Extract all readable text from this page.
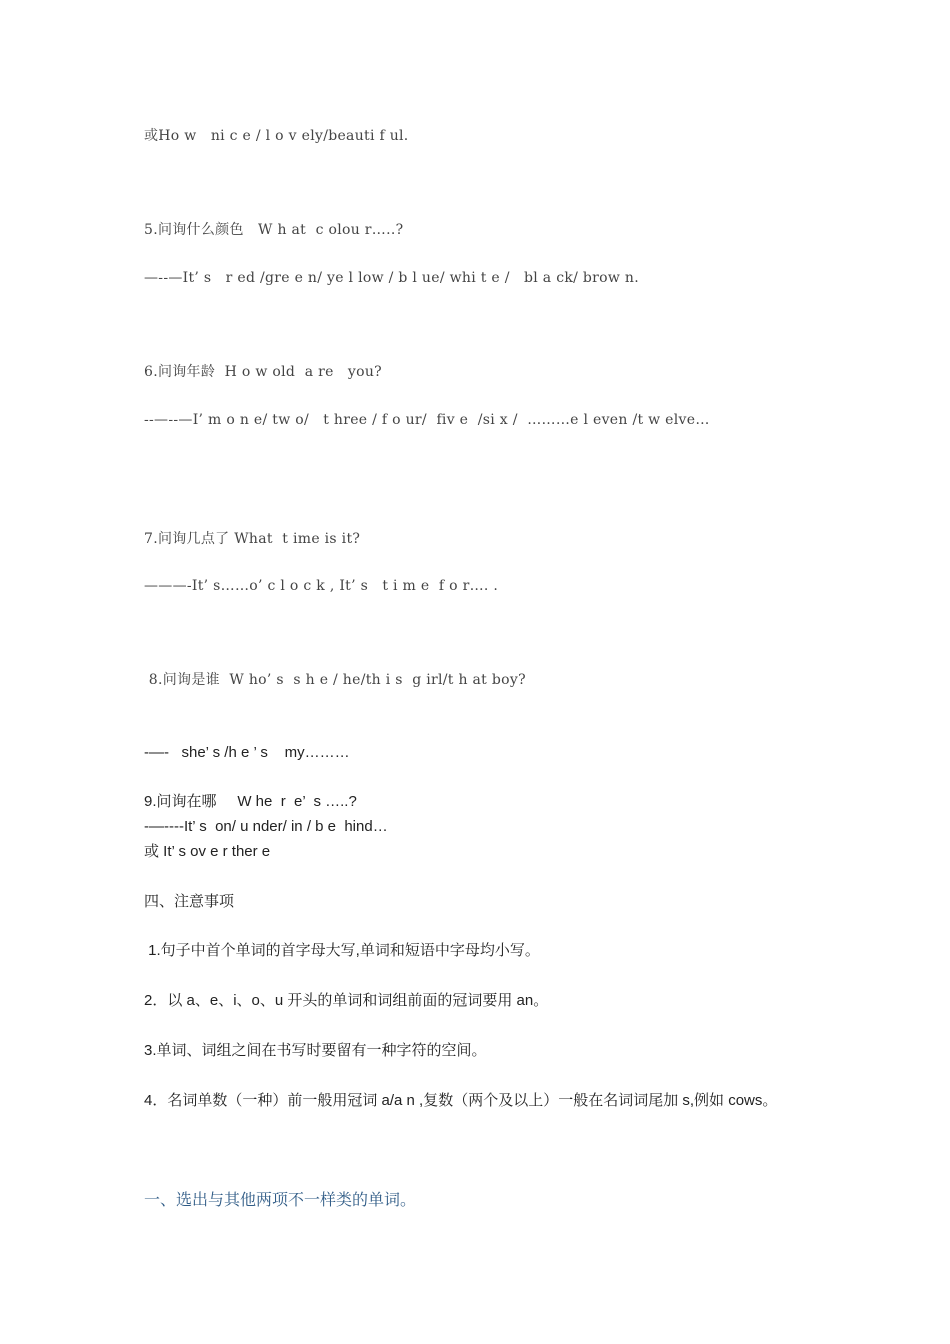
或Ho w   ni c e / l o v ely/beauti f ul.
5.问询什么颜色   W h at  c olou r…..?
—--—It’ s   r ed /gre e n/ ye l low / b l ue/ whi t e /   bl a ck/ brow n.
6.问询年龄  H o w old  a re   you?
--—--—I’ m o n e/ tw o/   t hree / f o ur/  fiv e  /si x /  ………e l even /t w elve…
7.问询几点了 What  t ime is it?
———-It’ s……o’ c l o c k , It’ s   t i m e  f o r…. .
8.问询是谁  W ho’ s  s h e / he/th i s  g irl/t h at boy?
-—-   she’ s /h e ’ s    my………
9.问询在哪     W he  r  e’  s …..?
-—----It’ s  on/ u nder/ in / b e  hind…
或 It’ s ov e r ther e
四、注意事项
1.句子中首个单词的首字母大写,单词和短语中字母均小写。
2．以 a、e、i、o、u 开头的单词和词组前面的冠词要用 an。
3.单词、词组之间在书写时要留有一种字符的空间。
4．名词单数（一种）前一般用冠词 a/a n ,复数（两个及以上）一般在名词词尾加 s,例如 cows。
一、选出与其他两项不一样类的单词。
